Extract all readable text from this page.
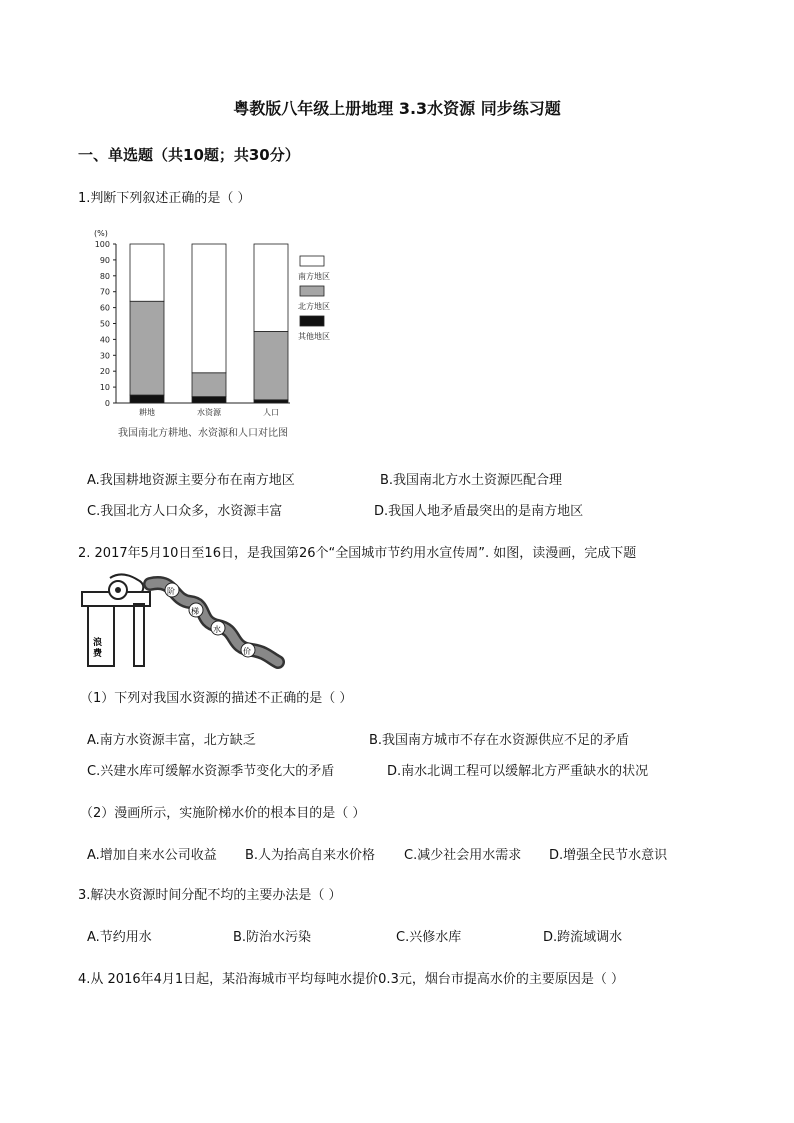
粤教版八年级上册地理 3.3水资源 同步练习题
一、单选题（共10题；共30分）
1.判断下列叙述正确的是（ ）
(%)
0
10
20
30
40
50
60
70
80
90
100
耕地	水资源	人口
南方地区
北方地区
其他地区
我国南北方耕地、水资源和人口对比图
A.我国耕地资源主要分布在南方地区	B.我国南北方水土资源匹配合理
C.我国北方人口众多，水资源丰富	D.我国人地矛盾最突出的是南方地区
2. 2017年5月10日至16日，是我国第26个“全国城市节约用水宣传周”. 如图，读漫画，完成下题
浪
费
阶
梯
水
价
（1）下列对我国水资源的描述不正确的是（ ）
A.南方水资源丰富，北方缺乏	B.我国南方城市不存在水资源供应不足的矛盾
C.兴建水库可缓解水资源季节变化大的矛盾	D.南水北调工程可以缓解北方严重缺水的状况
（2）漫画所示，实施阶梯水价的根本目的是（ ）
A.增加自来水公司收益 B.人为抬高自来水价格 C.减少社会用水需求 D.增强全民节水意识
3.解决水资源时间分配不均的主要办法是（ ）
A.节约用水	B.防治水污染	C.兴修水库	D.跨流域调水
4.从 2016年4月1日起，某沿海城市平均每吨水提价0.3元，烟台市提高水价的主要原因是（ ）
